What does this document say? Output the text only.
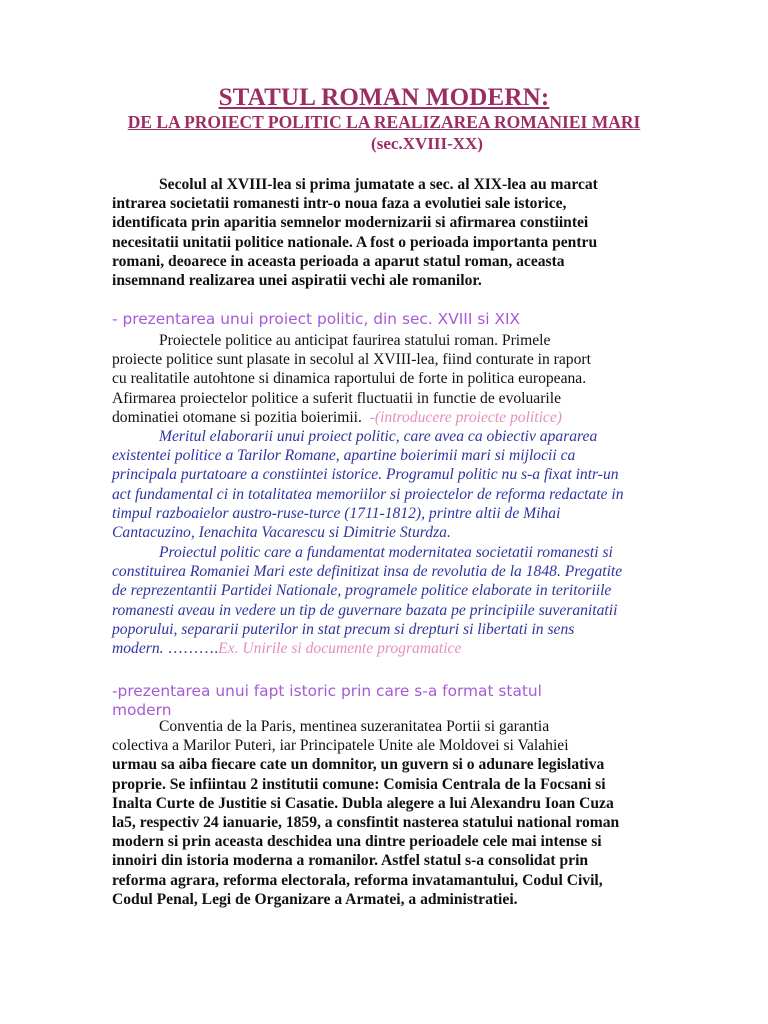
STATUL ROMAN MODERN:
DE LA PROIECT POLITIC LA REALIZAREA ROMANIEI MARI
(sec.XVIII-XX)
Secolul al XVIII-lea si prima jumatate a sec. al XIX-lea au marcat
intrarea societatii romanesti intr-o noua faza a evolutiei sale istorice,
identificata prin aparitia semnelor modernizarii si afirmarea constiintei
necesitatii unitatii politice nationale. A fost o perioada importanta pentru
romani, deoarece in aceasta perioada a aparut statul roman, aceasta
insemnand realizarea unei aspiratii vechi ale romanilor.
- prezentarea unui proiect politic, din sec. XVIII si XIX
Proiectele politice au anticipat faurirea statului roman. Primele
proiecte politice sunt plasate in secolul al XVIII-lea, fiind conturate in raport
cu realitatile autohtone si dinamica raportului de forte in politica europeana.
Afirmarea proiectelor politice a suferit fluctuatii in functie de evoluarile
dominatiei otomane si pozitia boierimii. -(introducere proiecte politice)
Meritul elaborarii unui proiect politic, care avea ca obiectiv apararea
existentei politice a Tarilor Romane, apartine boierimii mari si mijlocii ca
principala purtatoare a constiintei istorice. Programul politic nu s-a fixat intr-un
act fundamental ci in totalitatea memoriilor si proiectelor de reforma redactate in
timpul razboaielor austro-ruse-turce (1711-1812), printre altii de Mihai
Cantacuzino, Ienachita Vacarescu si Dimitrie Sturdza.
Proiectul politic care a fundamentat modernitatea societatii romanesti si
constituirea Romaniei Mari este definitizat insa de revolutia de la 1848. Pregatite
de reprezentantii Partidei Nationale, programele politice elaborate in teritoriile
romanesti aveau in vedere un tip de guvernare bazata pe principiile suveranitatii
poporului, separarii puterilor in stat precum si drepturi si libertati in sens
modern. ……….Ex. Unirile si documente programatice
-prezentarea unui fapt istoric prin care s-a format statul
modern
Conventia de la Paris, mentinea suzeranitatea Portii si garantia
colectiva a Marilor Puteri, iar Principatele Unite ale Moldovei si Valahiei
urmau sa aiba fiecare cate un domnitor, un guvern si o adunare legislativa
proprie. Se infiintau 2 institutii comune: Comisia Centrala de la Focsani si
Inalta Curte de Justitie si Casatie. Dubla alegere a lui Alexandru Ioan Cuza
la5, respectiv 24 ianuarie, 1859, a consfintit nasterea statului national roman
modern si prin aceasta deschidea una dintre perioadele cele mai intense si
innoiri din istoria moderna a romanilor. Astfel statul s-a consolidat prin
reforma agrara, reforma electorala, reforma invatamantului, Codul Civil,
Codul Penal, Legi de Organizare a Armatei, a administratiei.
